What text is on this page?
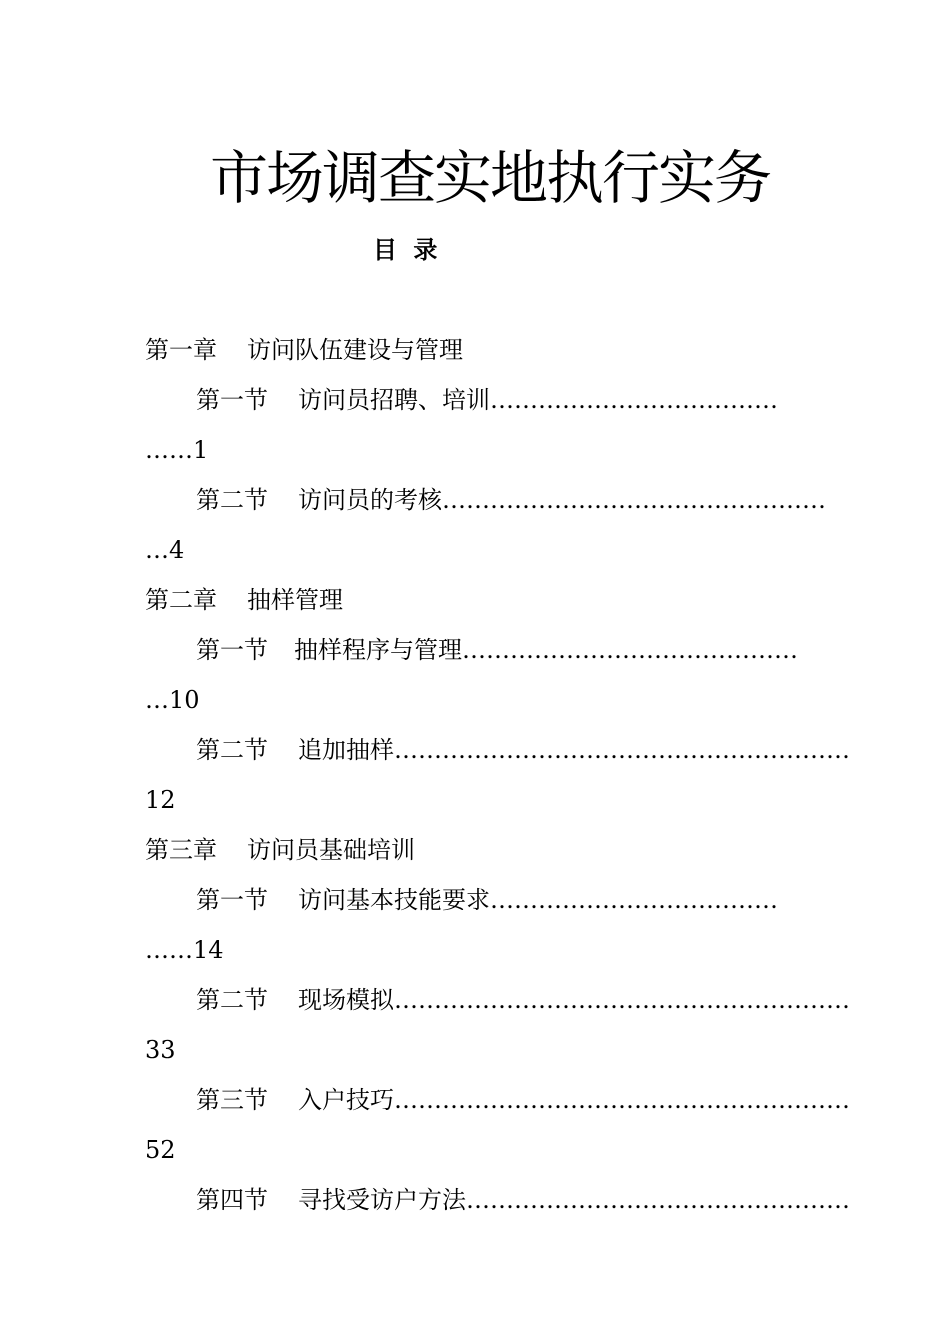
市场调查实地执行实务
目 录
第一章 访问队伍建设与管理
第一节 访问员招聘、培训………………………………
……1
第二节 访问员的考核…………………………………………
…4
第二章 抽样管理
第一节 抽样程序与管理……………………………………
…10
第二节 追加抽样…………………………………………………
12
第三章 访问员基础培训
第一节 访问基本技能要求………………………………
……14
第二节 现场模拟…………………………………………………
33
第三节 入户技巧…………………………………………………
52
第四节 寻找受访户方法…………………………………………
